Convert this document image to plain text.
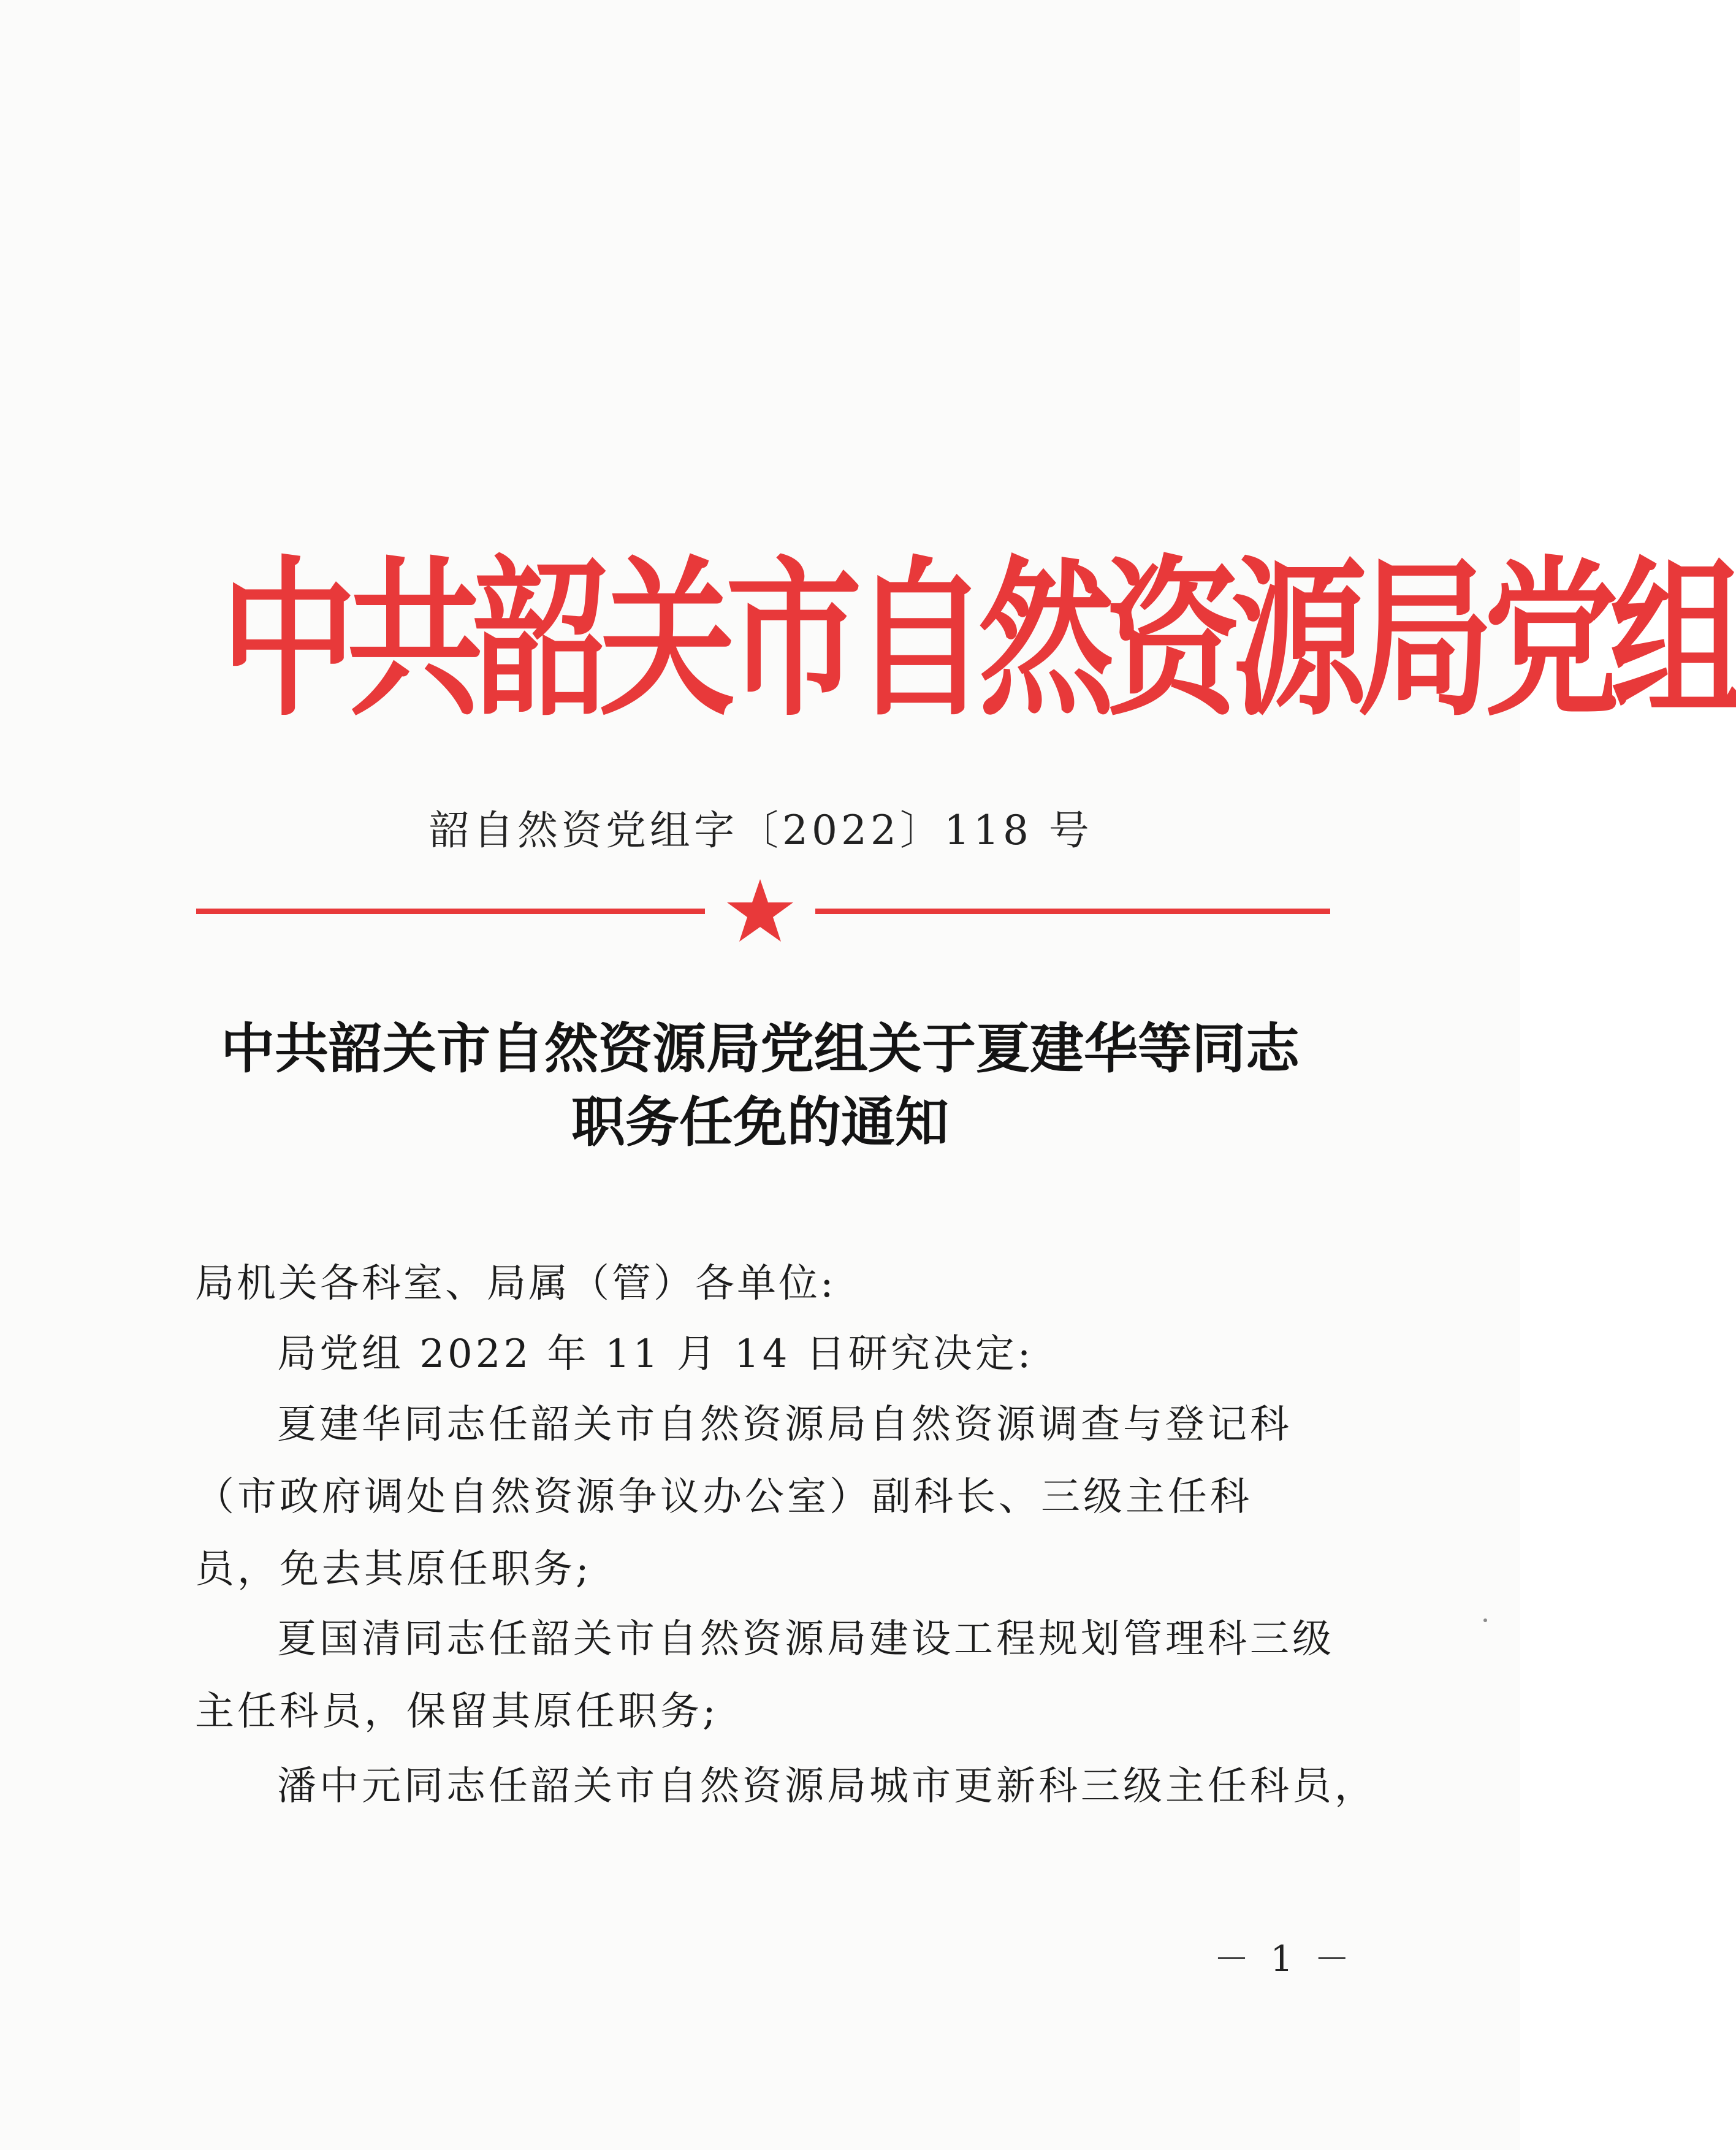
中共韶关市自然资源局党组
韶自然资党组字〔2022〕118 号
中共韶关市自然资源局党组关于夏建华等同志
职务任免的通知
局机关各科室、局属（管）各单位:
局党组 2022 年 11 月 14 日研究决定:
夏建华同志任韶关市自然资源局自然资源调查与登记科（市政府调处自然资源争议办公室）副科长、三级主任科员，免去其原任职务;
夏国清同志任韶关市自然资源局建设工程规划管理科三级主任科员，保留其原任职务;
潘中元同志任韶关市自然资源局城市更新科三级主任科员，
－ 1 －
